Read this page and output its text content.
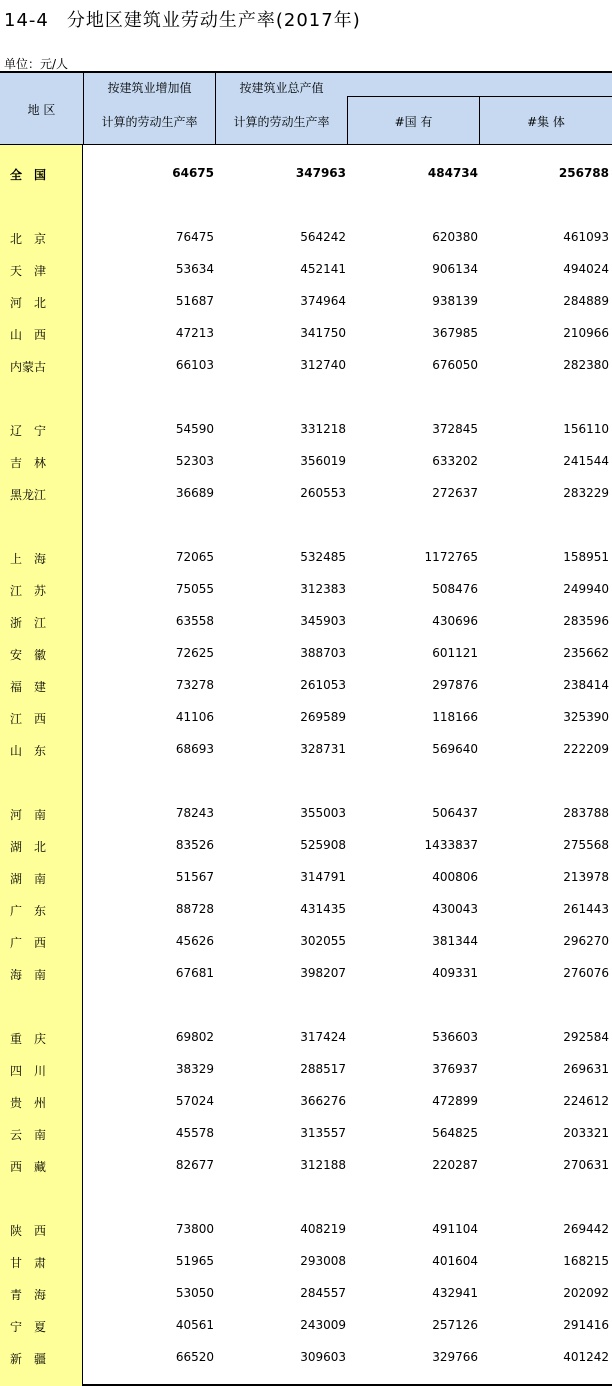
14-4 分地区建筑业劳动生产率(2017年)
单位：元/人
地 区
按建筑业增加值
计算的劳动生产率
按建筑业总产值
计算的劳动生产率	#国 有	#集 体
全　国	64675	347963	484734	256788
北　京	76475	564242	620380	461093
天　津	53634	452141	906134	494024
河　北	51687	374964	938139	284889
山　西	47213	341750	367985	210966
内蒙古	66103	312740	676050	282380
辽　宁	54590	331218	372845	156110
吉　林	52303	356019	633202	241544
黑龙江	36689	260553	272637	283229
上　海	72065	532485	1172765	158951
江　苏	75055	312383	508476	249940
浙　江	63558	345903	430696	283596
安　徽	72625	388703	601121	235662
福　建	73278	261053	297876	238414
江　西	41106	269589	118166	325390
山　东	68693	328731	569640	222209
河　南	78243	355003	506437	283788
湖　北	83526	525908	1433837	275568
湖　南	51567	314791	400806	213978
广　东	88728	431435	430043	261443
广　西	45626	302055	381344	296270
海　南	67681	398207	409331	276076
重　庆	69802	317424	536603	292584
四　川	38329	288517	376937	269631
贵　州	57024	366276	472899	224612
云　南	45578	313557	564825	203321
西　藏	82677	312188	220287	270631
陕　西	73800	408219	491104	269442
甘　肃	51965	293008	401604	168215
青　海	53050	284557	432941	202092
宁　夏	40561	243009	257126	291416
新　疆	66520	309603	329766	401242
